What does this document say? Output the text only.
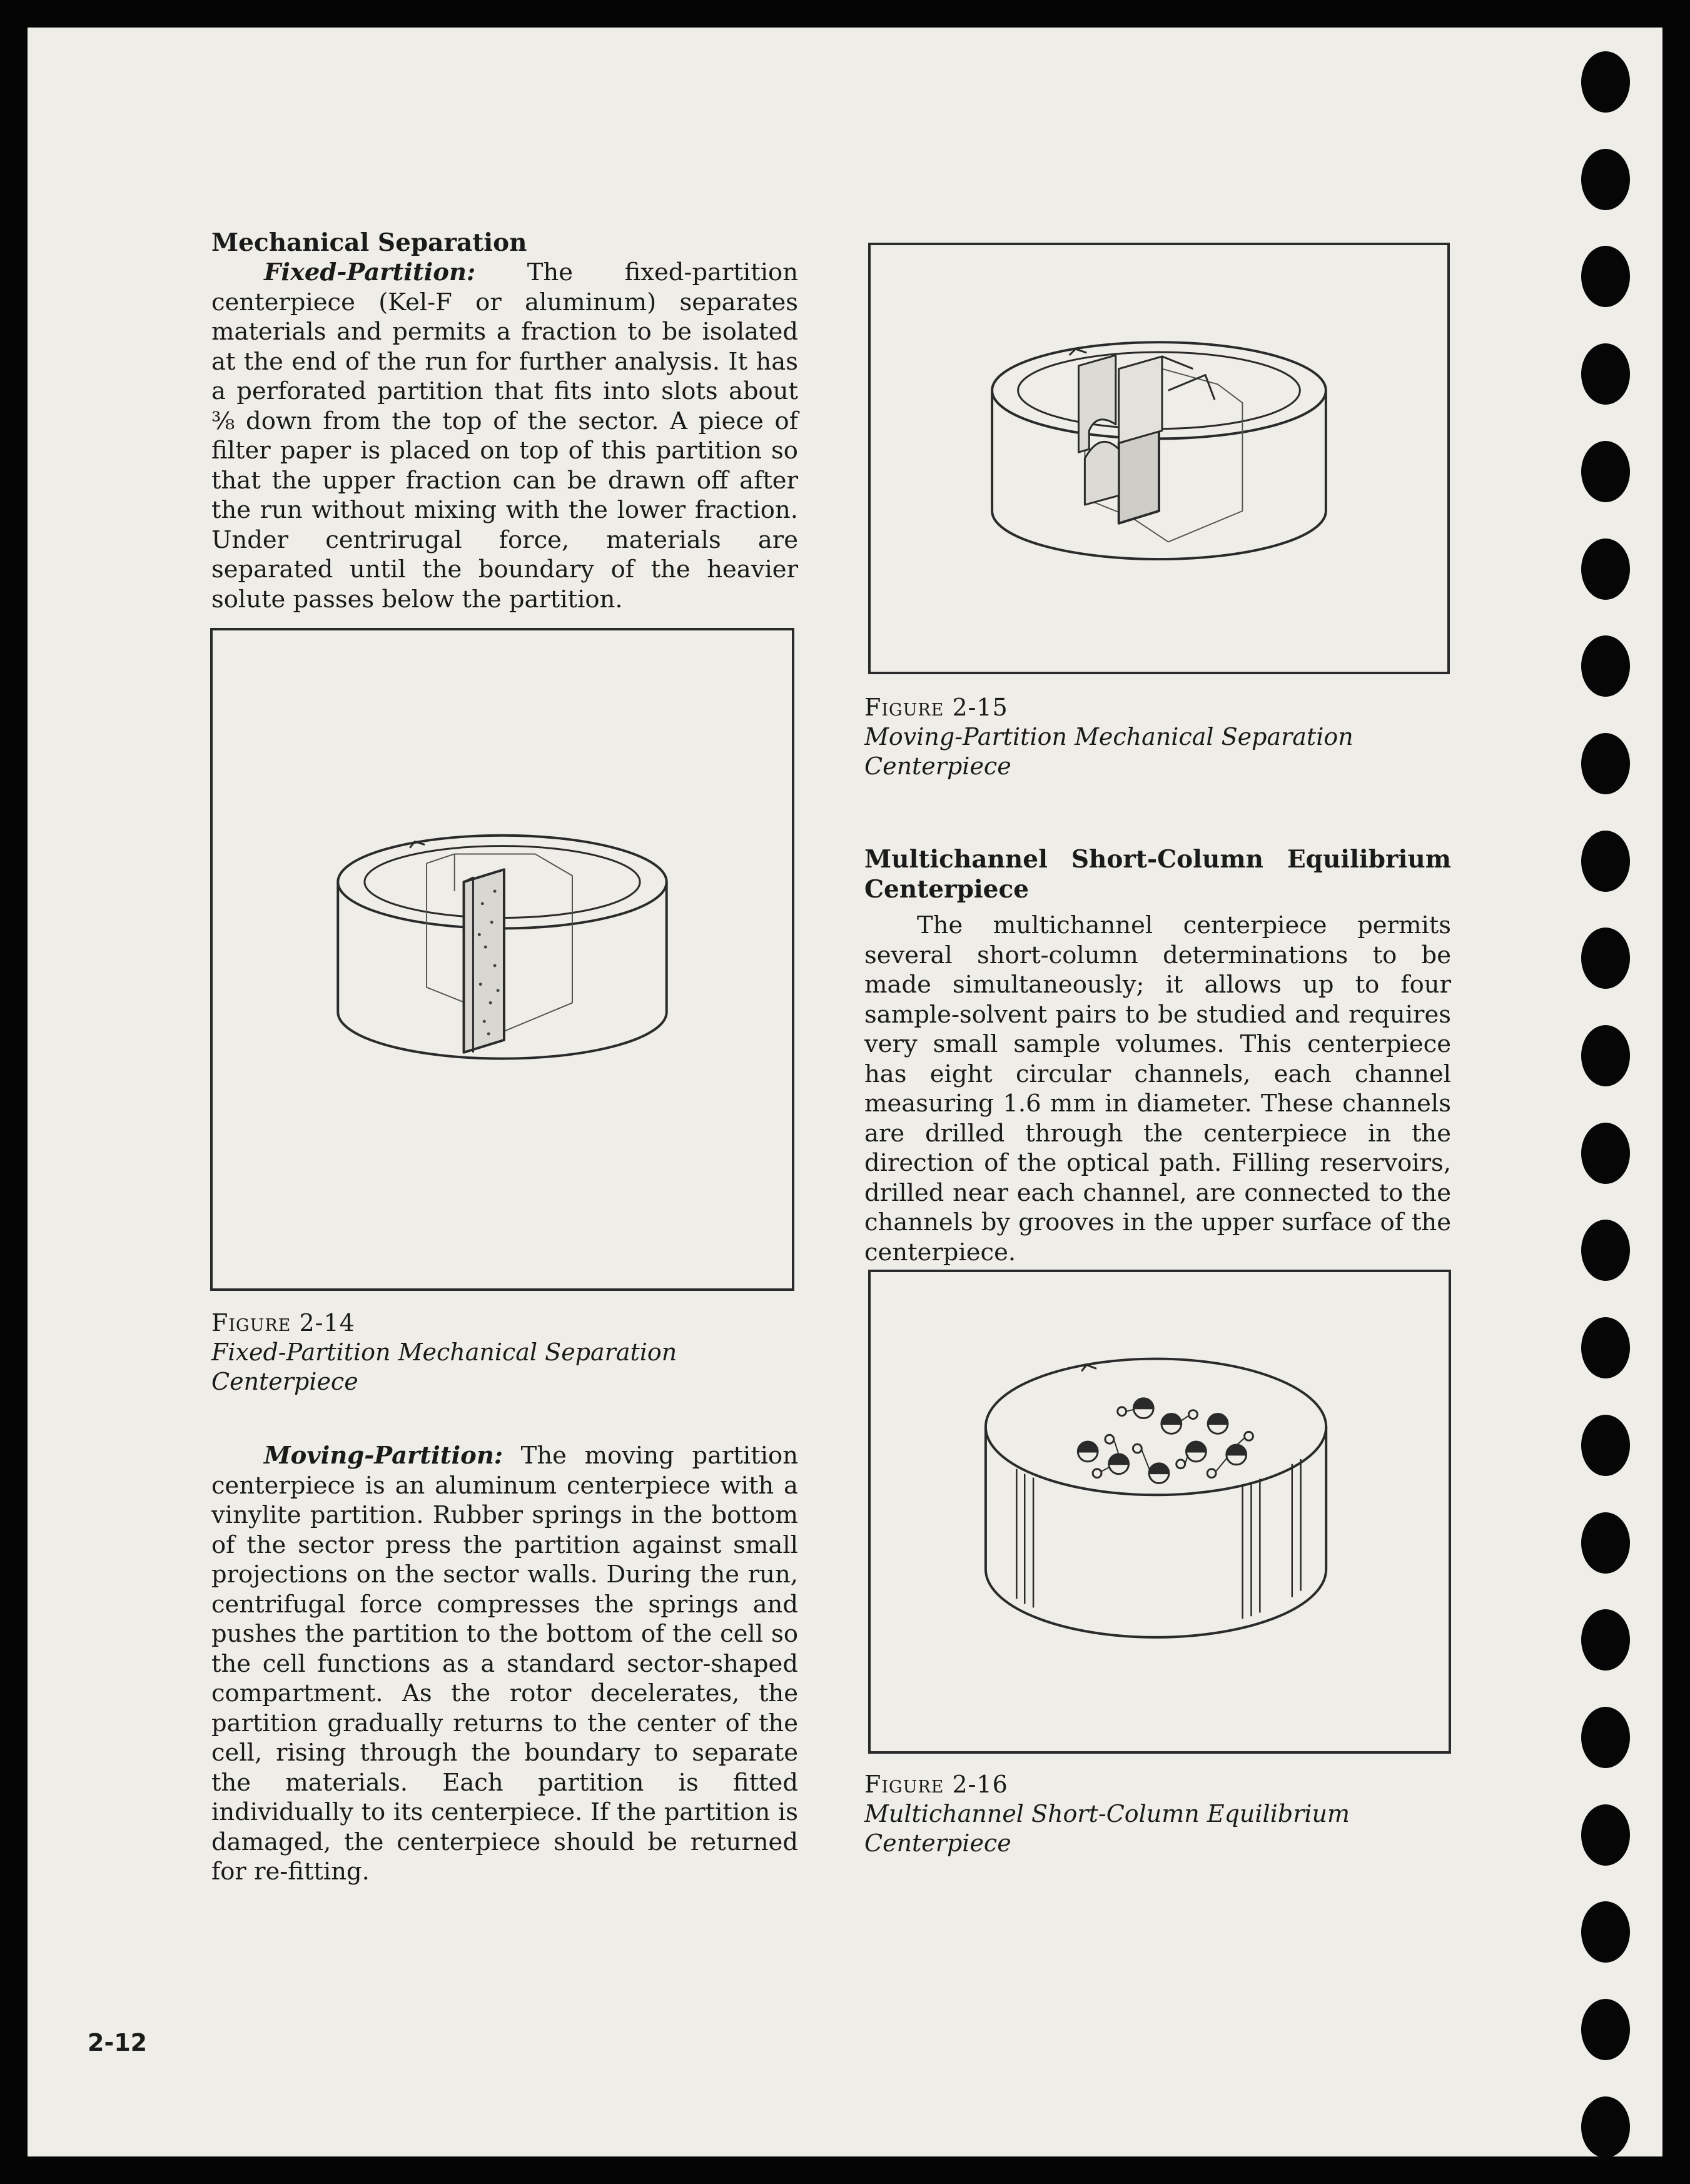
Mechanical Separation

Fixed-Partition: The fixed-partition centerpiece (Kel-F or aluminum) separates materials and permits a fraction to be isolated at the end of the run for further analysis. It has a perforated partition that fits into slots about ⅜ down from the top of the sector. A piece of filter paper is placed on top of this partition so that the upper fraction can be drawn off after the run without mixing with the lower fraction. Under centrirugal force, materials are separated until the boundary of the heavier solute passes below the partition.

Figure 2-14
Fixed-Partition Mechanical Separation Centerpiece

Moving-Partition: The moving partition centerpiece is an aluminum centerpiece with a vinylite partition. Rubber springs in the bottom of the sector press the partition against small projections on the sector walls. During the run, centrifugal force compresses the springs and pushes the partition to the bottom of the cell so the cell functions as a standard sector-shaped compartment. As the rotor decelerates, the partition gradually returns to the center of the cell, rising through the boundary to separate the materials. Each partition is fitted individually to its centerpiece. If the partition is damaged, the centerpiece should be returned for re-fitting.

Figure 2-15
Moving-Partition Mechanical Separation Centerpiece

Multichannel Short-Column Equilibrium Centerpiece

The multichannel centerpiece permits several short-column determinations to be made simultaneously; it allows up to four sample-solvent pairs to be studied and requires very small sample volumes. This centerpiece has eight circular channels, each channel measuring 1.6 mm in diameter. These channels are drilled through the centerpiece in the direction of the optical path. Filling reservoirs, drilled near each channel, are connected to the channels by grooves in the upper surface of the centerpiece.

Figure 2-16
Multichannel Short-Column Equilibrium Centerpiece
2-12
